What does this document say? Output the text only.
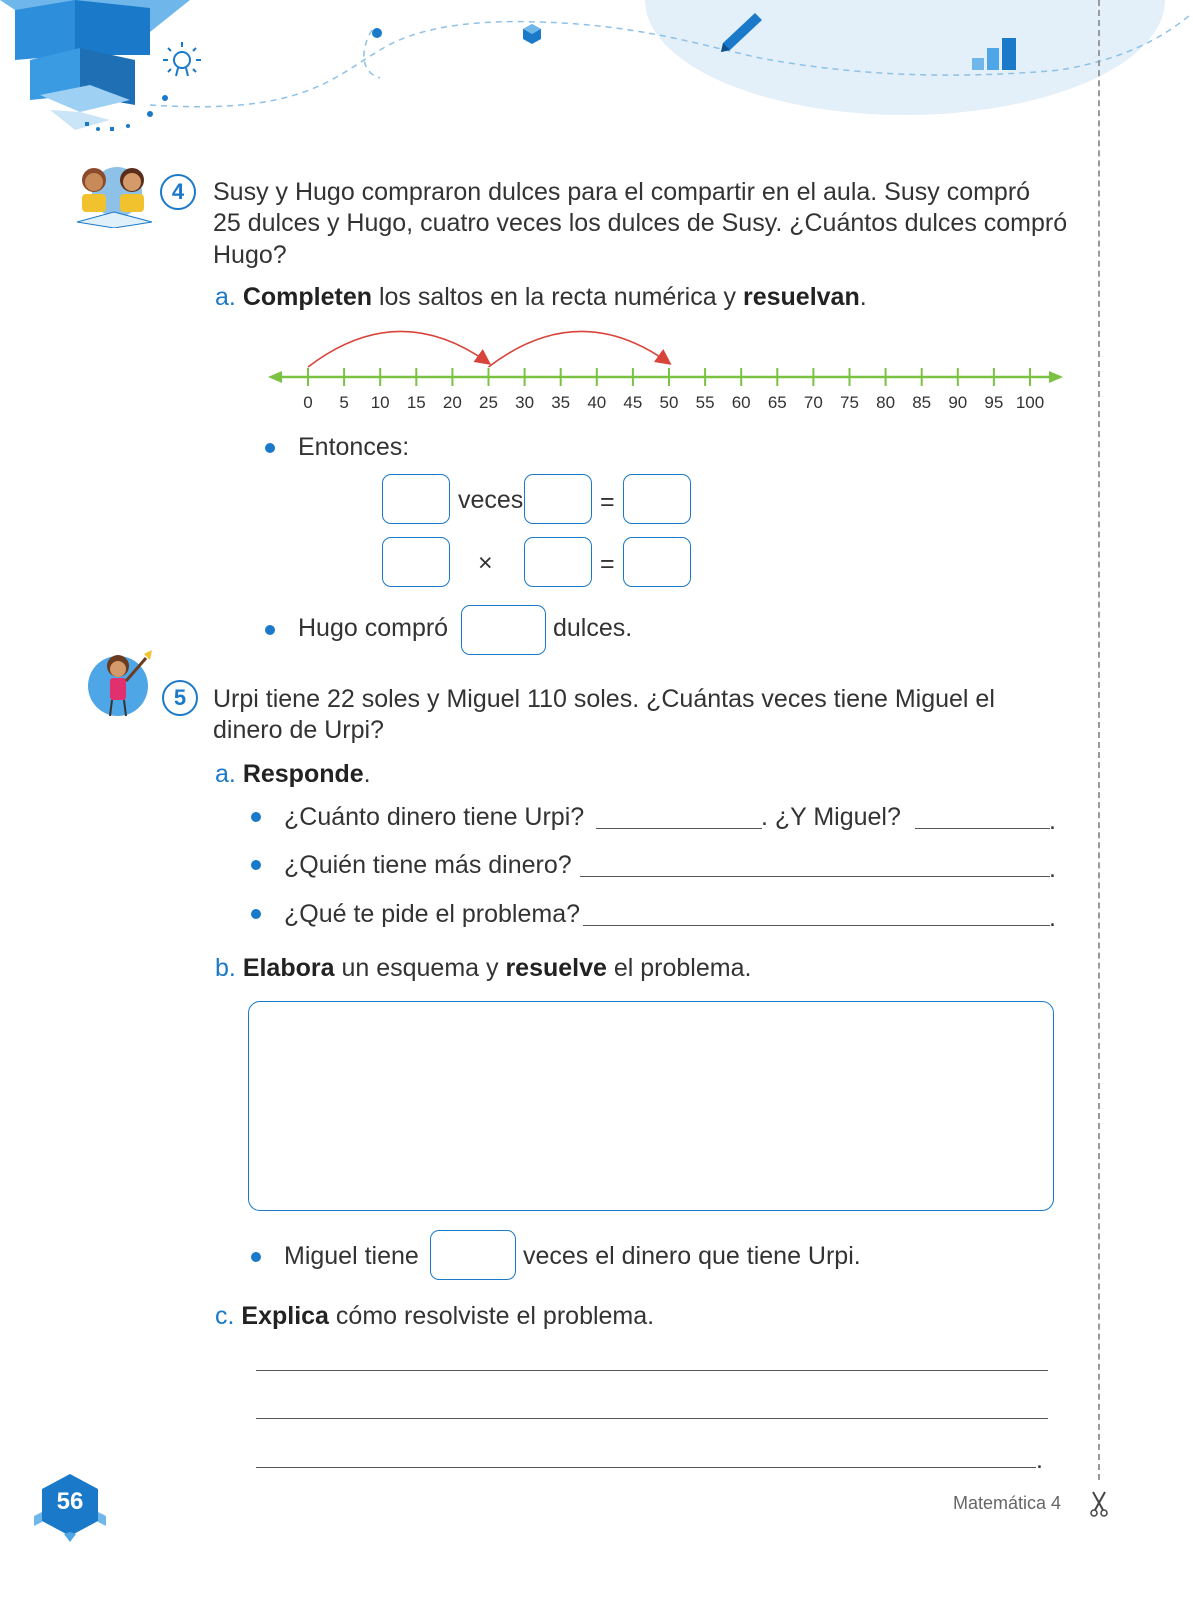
4	Susy y Hugo compraron dulces para el compartir en el aula. Susy compró
25 dulces y Hugo, cuatro veces los dulces de Susy. ¿Cuántos dulces compró
Hugo?
a. Completen los saltos en la recta numérica y resuelvan.
0	5	10	15	20	25	30	35	40	45	50	55	60	65	70	75	80	85	90	95 100
Entonces:
veces	=
×	=
Hugo compró	dulces.
5	Urpi tiene 22 soles y Miguel 110 soles. ¿Cuántas veces tiene Miguel el
dinero de Urpi?
a. Responde.
¿Cuánto dinero tiene Urpi?	. ¿Y Miguel?	.
¿Quién tiene más dinero?	.
¿Qué te pide el problema?	.
b. Elabora un esquema y resuelve el problema.
Miguel tiene	veces el dinero que tiene Urpi.
c. Explica cómo resolviste el problema.
.
56	Matemática 4
